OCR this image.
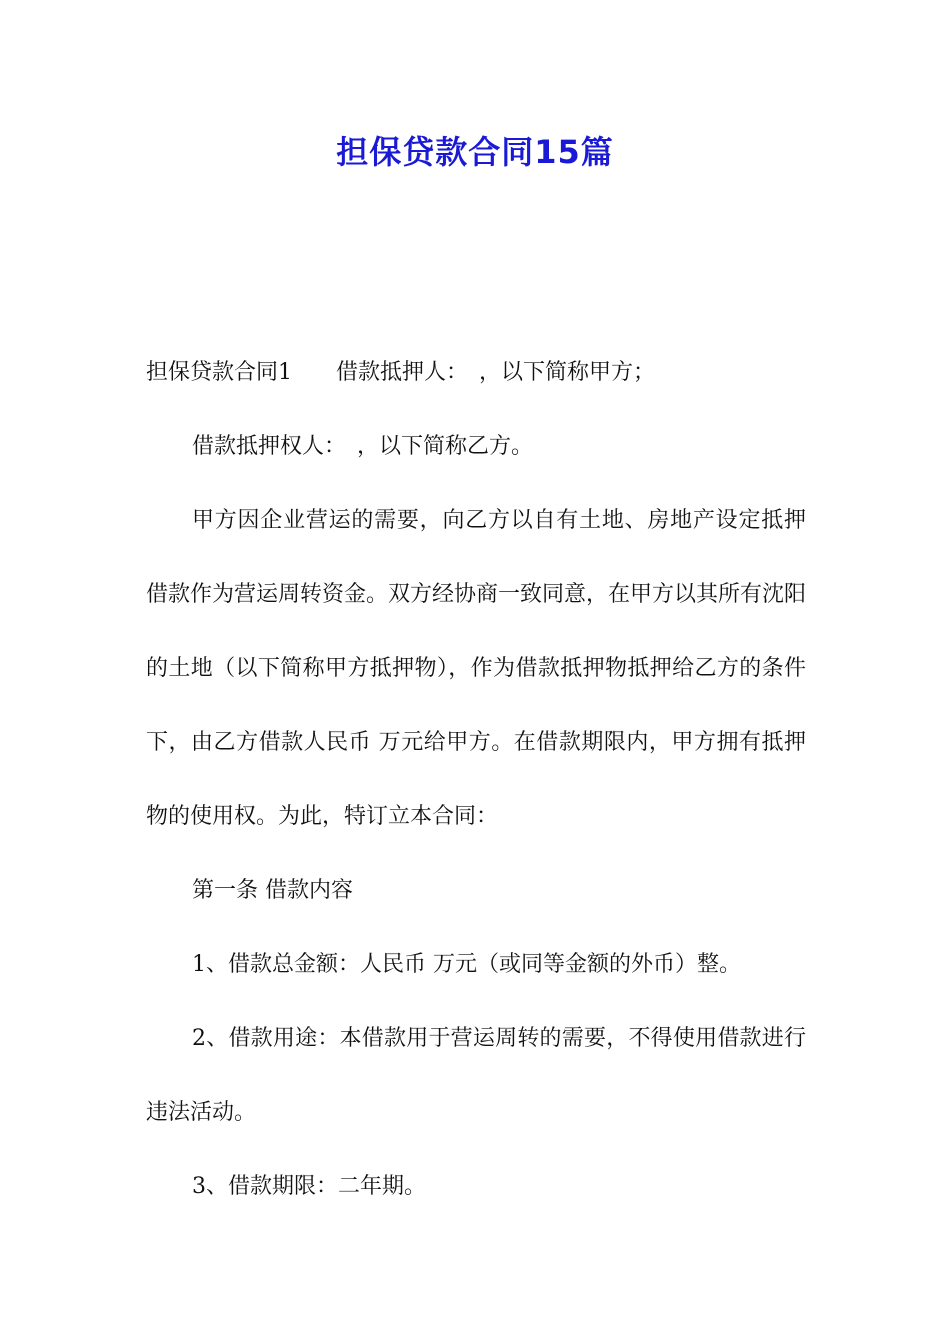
担保贷款合同15篇

担保贷款合同1　　借款抵押人：　，以下简称甲方；

借款抵押权人：　，以下简称乙方。

甲方因企业营运的需要，向乙方以自有土地、房地产设定抵押借款作为营运周转资金。双方经协商一致同意，在甲方以其所有沈阳的土地（以下简称甲方抵押物），作为借款抵押物抵押给乙方的条件下，由乙方借款人民币 万元给甲方。在借款期限内，甲方拥有抵押物的使用权。为此，特订立本合同：

第一条 借款内容

1、借款总金额：人民币 万元（或同等金额的外币）整。

2、借款用途：本借款用于营运周转的需要，不得使用借款进行违法活动。

3、借款期限：二年期。
